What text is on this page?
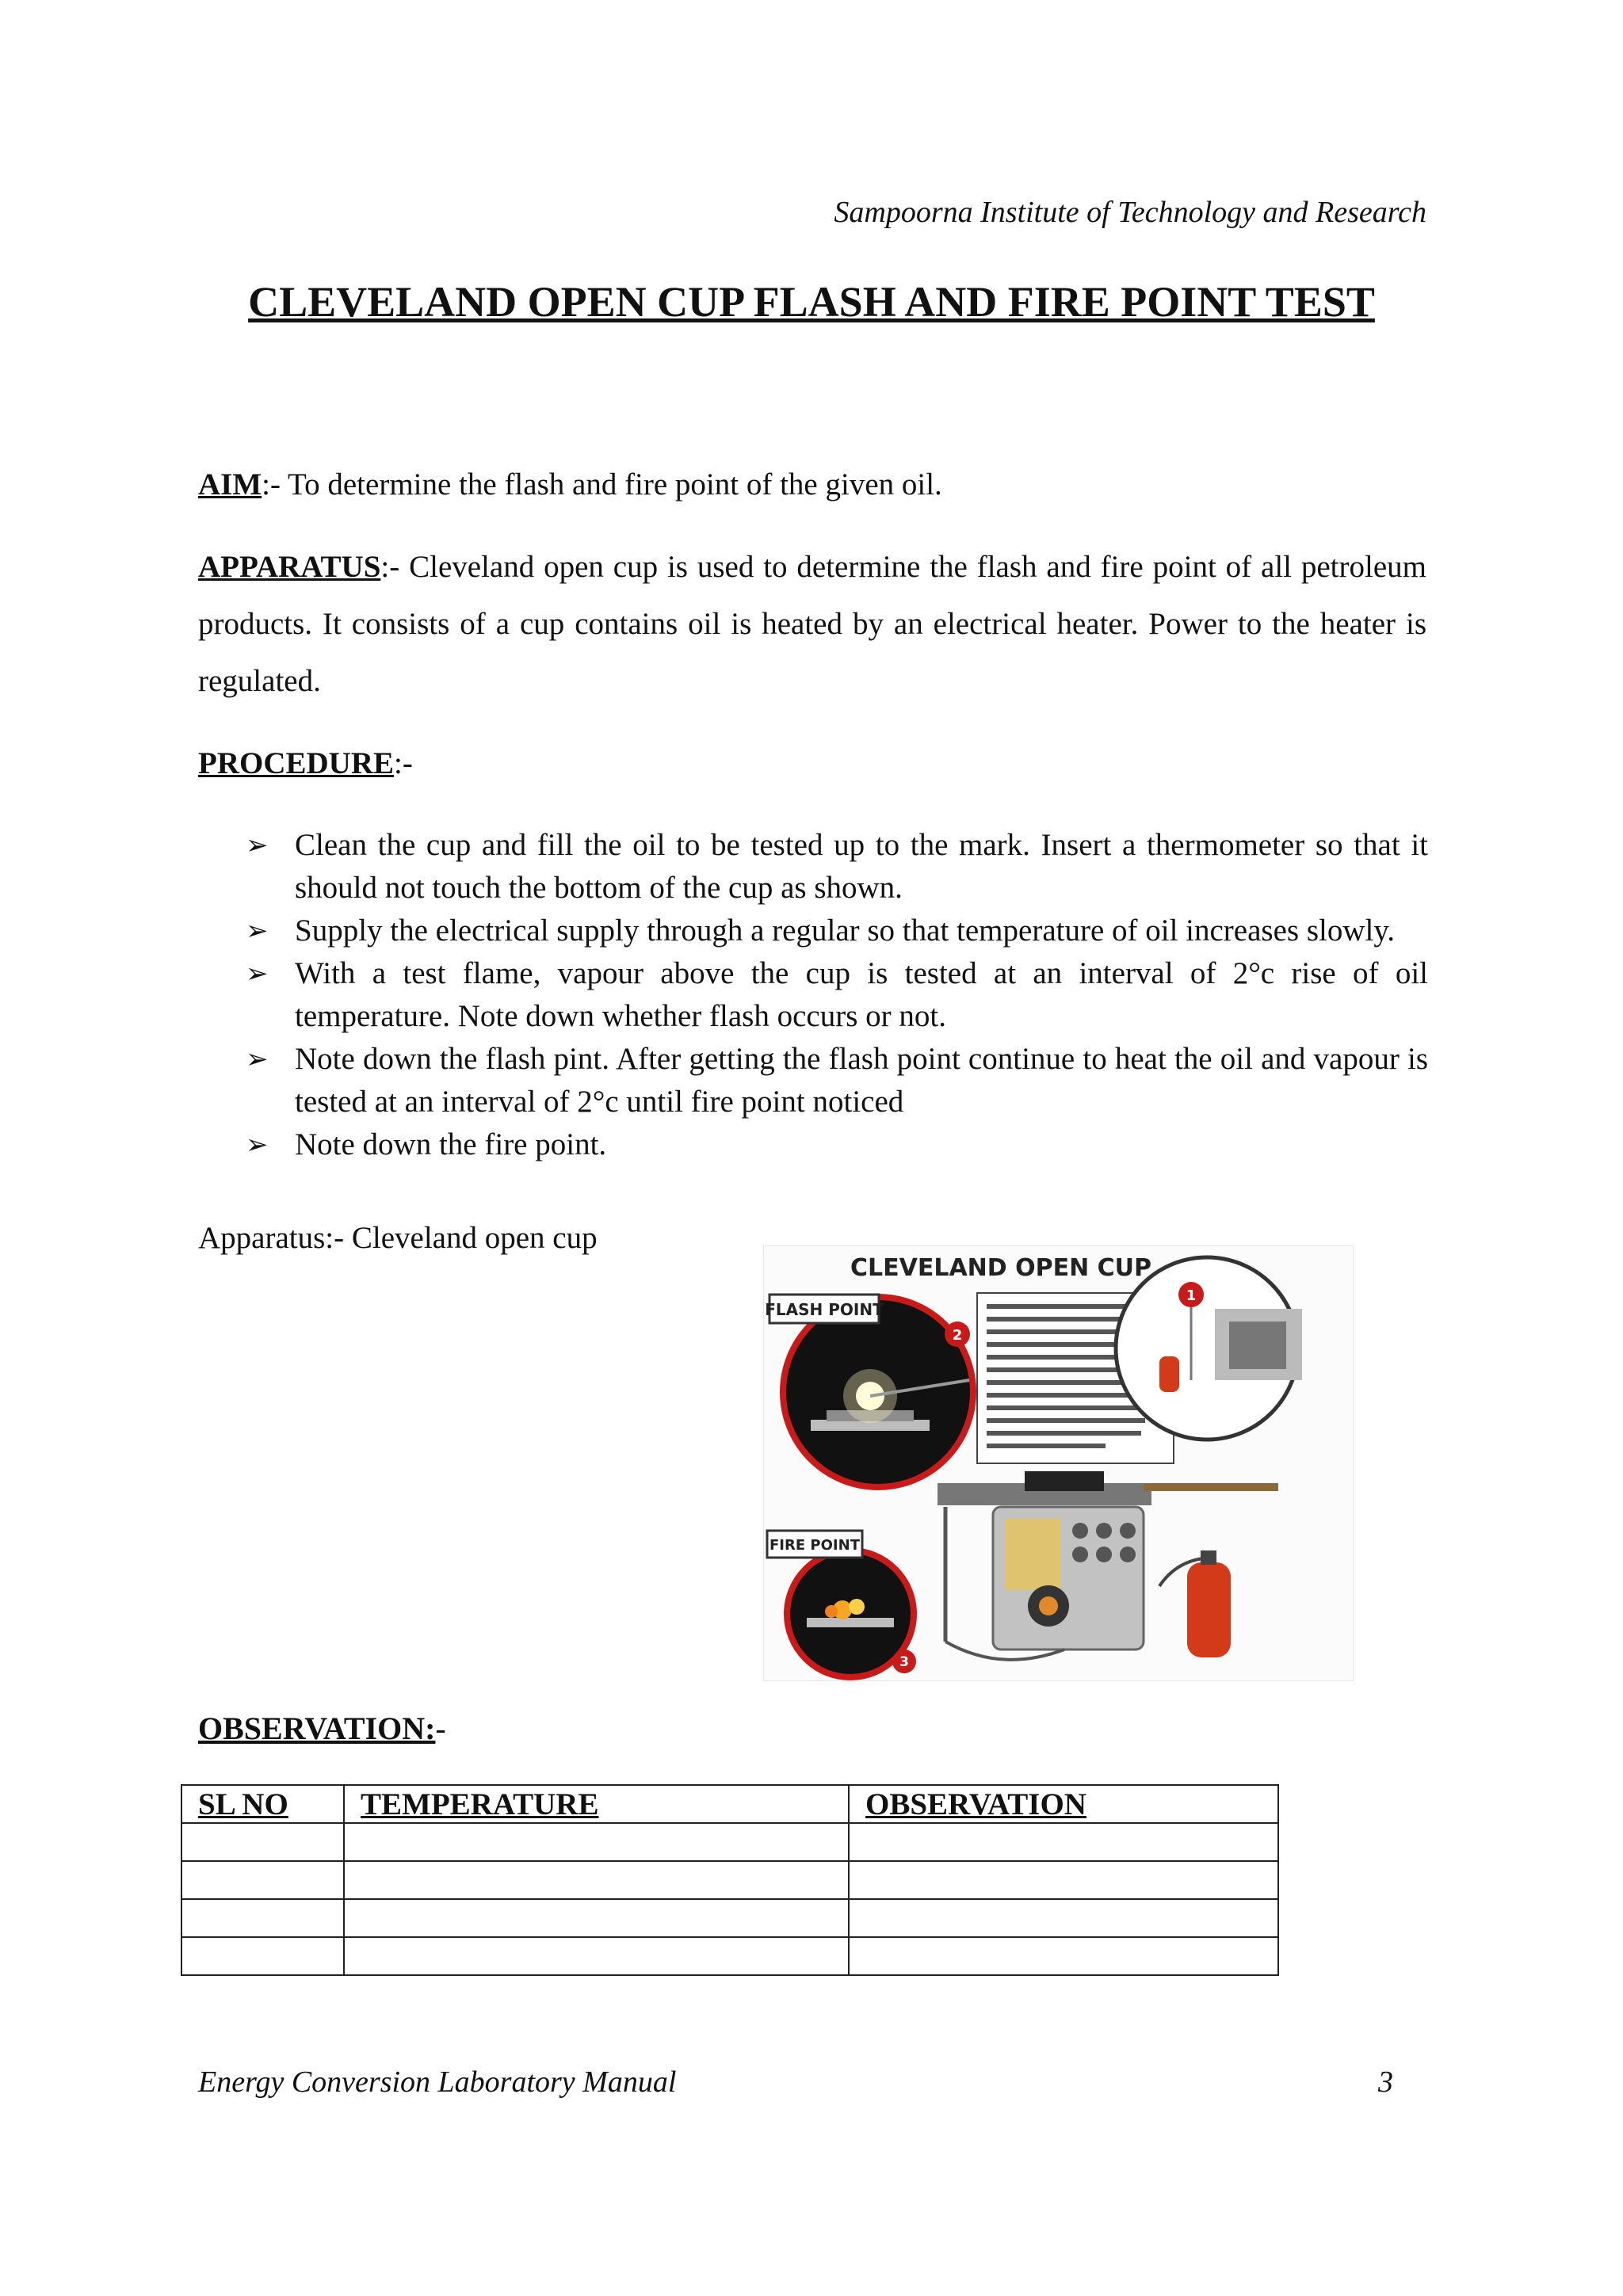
Sampoorna Institute of Technology and Research
CLEVELAND OPEN CUP FLASH AND FIRE POINT TEST
AIM:- To determine the flash and fire point of the given oil.
APPARATUS:- Cleveland open cup is used to determine the flash and fire point of all petroleum products. It consists of a cup contains oil is heated by an electrical heater. Power to the heater is regulated.
PROCEDURE:-
➢ Clean the cup and fill the oil to be tested up to the mark. Insert a thermometer so that it should not touch the bottom of the cup as shown.
➢ Supply the electrical supply through a regular so that temperature of oil increases slowly.
➢ With a test flame, vapour above the cup is tested at an interval of 2°c rise of oil temperature. Note down whether flash occurs or not.
➢ Note down the flash pint. After getting the flash point continue to heat the oil and vapour is tested at an interval of 2°c until fire point noticed
➢ Note down the fire point.
Apparatus:- Cleveland open cup
CLEVELAND OPEN CUP
FLASH POINT
2
1
FIRE POINT
3
OBSERVATION:-
SL NO	TEMPERATURE	OBSERVATION

Energy Conversion Laboratory Manual	3
